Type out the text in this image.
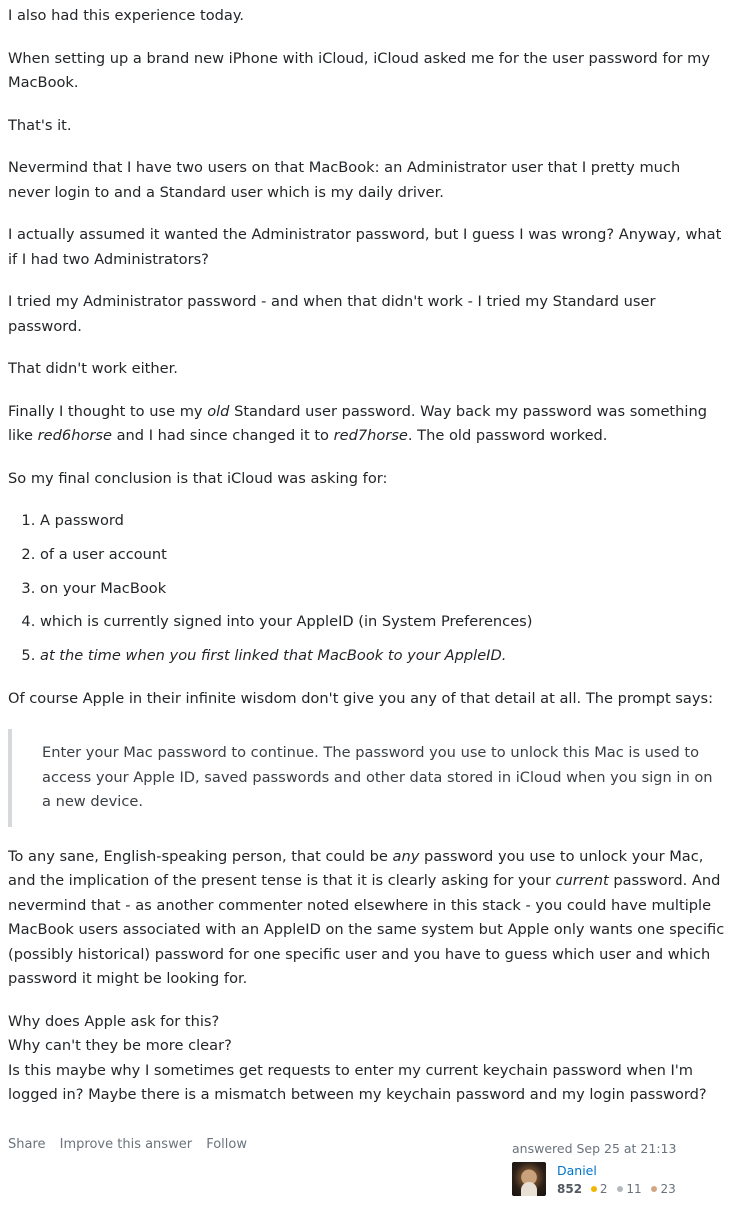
I also had this experience today.

When setting up a brand new iPhone with iCloud, iCloud asked me for the user password for my MacBook.

That's it.

Nevermind that I have two users on that MacBook: an Administrator user that I pretty much never login to and a Standard user which is my daily driver.

I actually assumed it wanted the Administrator password, but I guess I was wrong? Anyway, what if I had two Administrators?

I tried my Administrator password - and when that didn't work - I tried my Standard user password.

That didn't work either.

Finally I thought to use my old Standard user password. Way back my password was something like red6horse and I had since changed it to red7horse. The old password worked.

So my final conclusion is that iCloud was asking for:

1. A password
2. of a user account
3. on your MacBook
4. which is currently signed into your AppleID (in System Preferences)
5. at the time when you first linked that MacBook to your AppleID.

Of course Apple in their infinite wisdom don't give you any of that detail at all. The prompt says:

Enter your Mac password to continue. The password you use to unlock this Mac is used to access your Apple ID, saved passwords and other data stored in iCloud when you sign in on a new device.

To any sane, English-speaking person, that could be any password you use to unlock your Mac, and the implication of the present tense is that it is clearly asking for your current password. And nevermind that - as another commenter noted elsewhere in this stack - you could have multiple MacBook users associated with an AppleID on the same system but Apple only wants one specific (possibly historical) password for one specific user and you have to guess which user and which password it might be looking for.

Why does Apple ask for this?
Why can't they be more clear?
Is this maybe why I sometimes get requests to enter my current keychain password when I'm logged in? Maybe there is a mismatch between my keychain password and my login password?

Share Improve this answer Follow	answered Sep 25 at 21:13
Daniel
852 2 11 23
